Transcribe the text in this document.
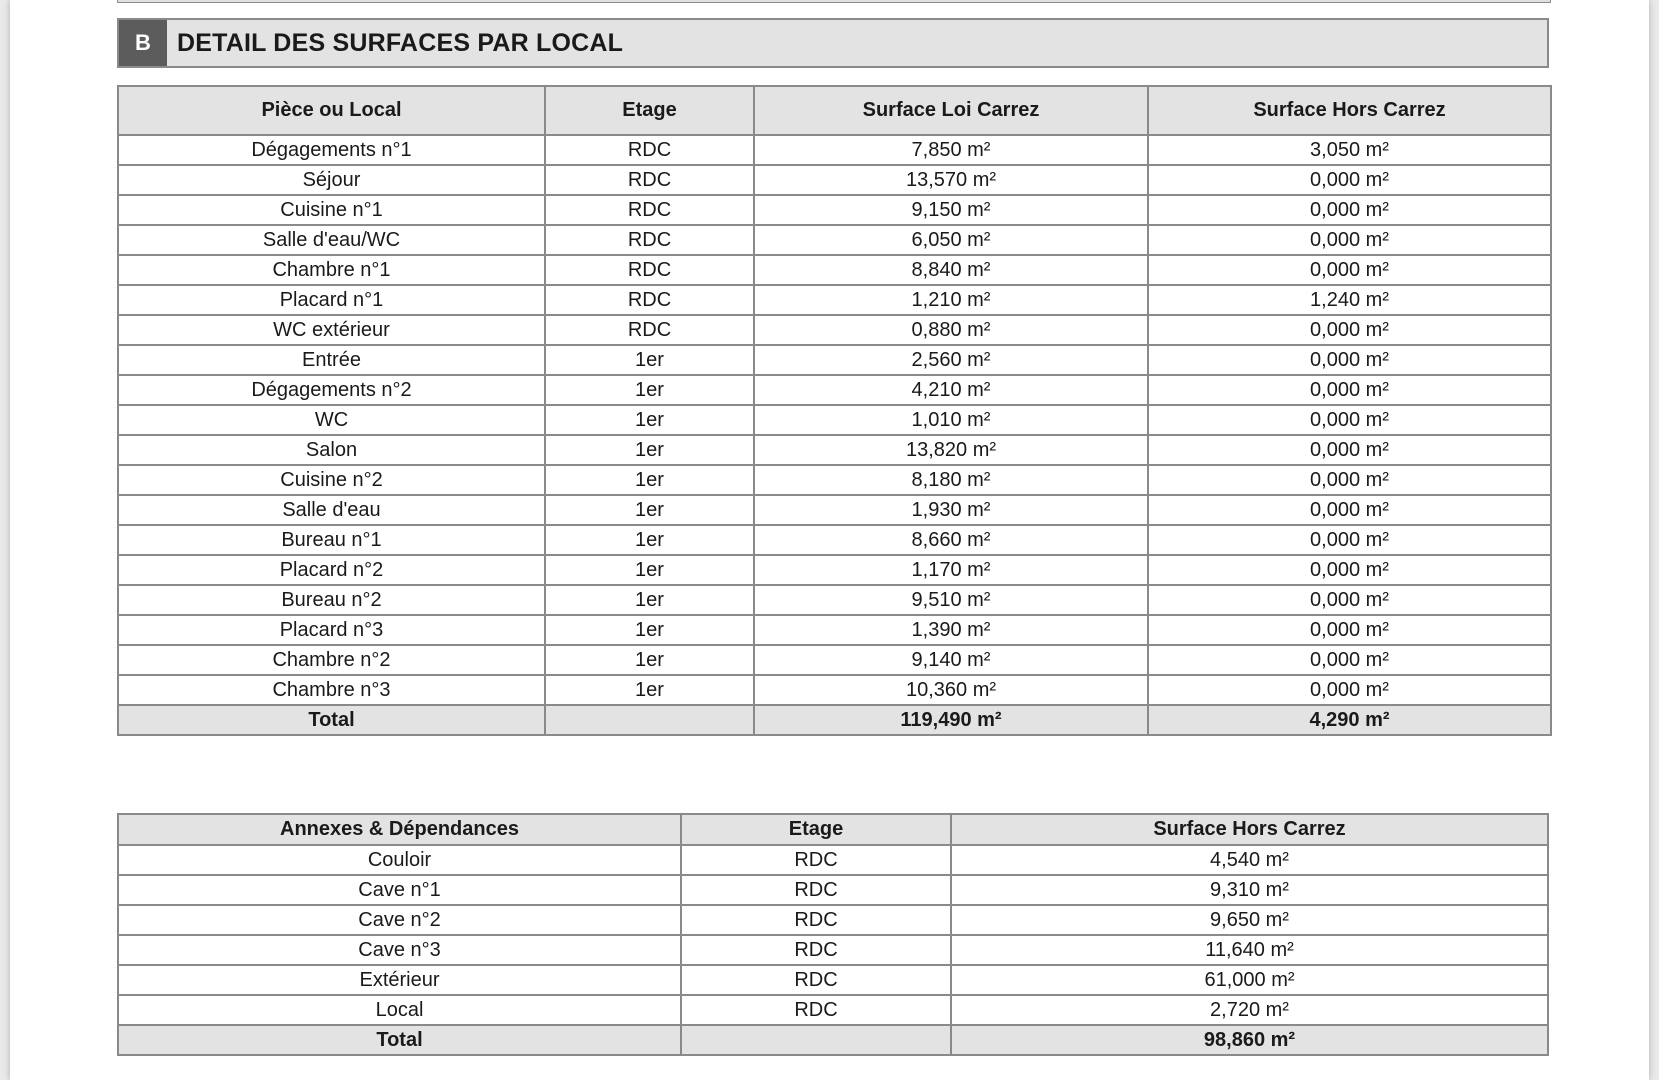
B	DETAIL DES SURFACES PAR LOCAL
Pièce ou Local	Etage	Surface Loi Carrez	Surface Hors Carrez
Dégagements n°1	RDC	7,850 m²	3,050 m²
Séjour	RDC	13,570 m²	0,000 m²
Cuisine n°1	RDC	9,150 m²	0,000 m²
Salle d'eau/WC	RDC	6,050 m²	0,000 m²
Chambre n°1	RDC	8,840 m²	0,000 m²
Placard n°1	RDC	1,210 m²	1,240 m²
WC extérieur	RDC	0,880 m²	0,000 m²
Entrée	1er	2,560 m²	0,000 m²
Dégagements n°2	1er	4,210 m²	0,000 m²
WC	1er	1,010 m²	0,000 m²
Salon	1er	13,820 m²	0,000 m²
Cuisine n°2	1er	8,180 m²	0,000 m²
Salle d'eau	1er	1,930 m²	0,000 m²
Bureau n°1	1er	8,660 m²	0,000 m²
Placard n°2	1er	1,170 m²	0,000 m²
Bureau n°2	1er	9,510 m²	0,000 m²
Placard n°3	1er	1,390 m²	0,000 m²
Chambre n°2	1er	9,140 m²	0,000 m²
Chambre n°3	1er	10,360 m²	0,000 m²
Total		119,490 m²	4,290 m²
Annexes & Dépendances	Etage	Surface Hors Carrez
Couloir	RDC	4,540 m²
Cave n°1	RDC	9,310 m²
Cave n°2	RDC	9,650 m²
Cave n°3	RDC	11,640 m²
Extérieur	RDC	61,000 m²
Local	RDC	2,720 m²
Total		98,860 m²
